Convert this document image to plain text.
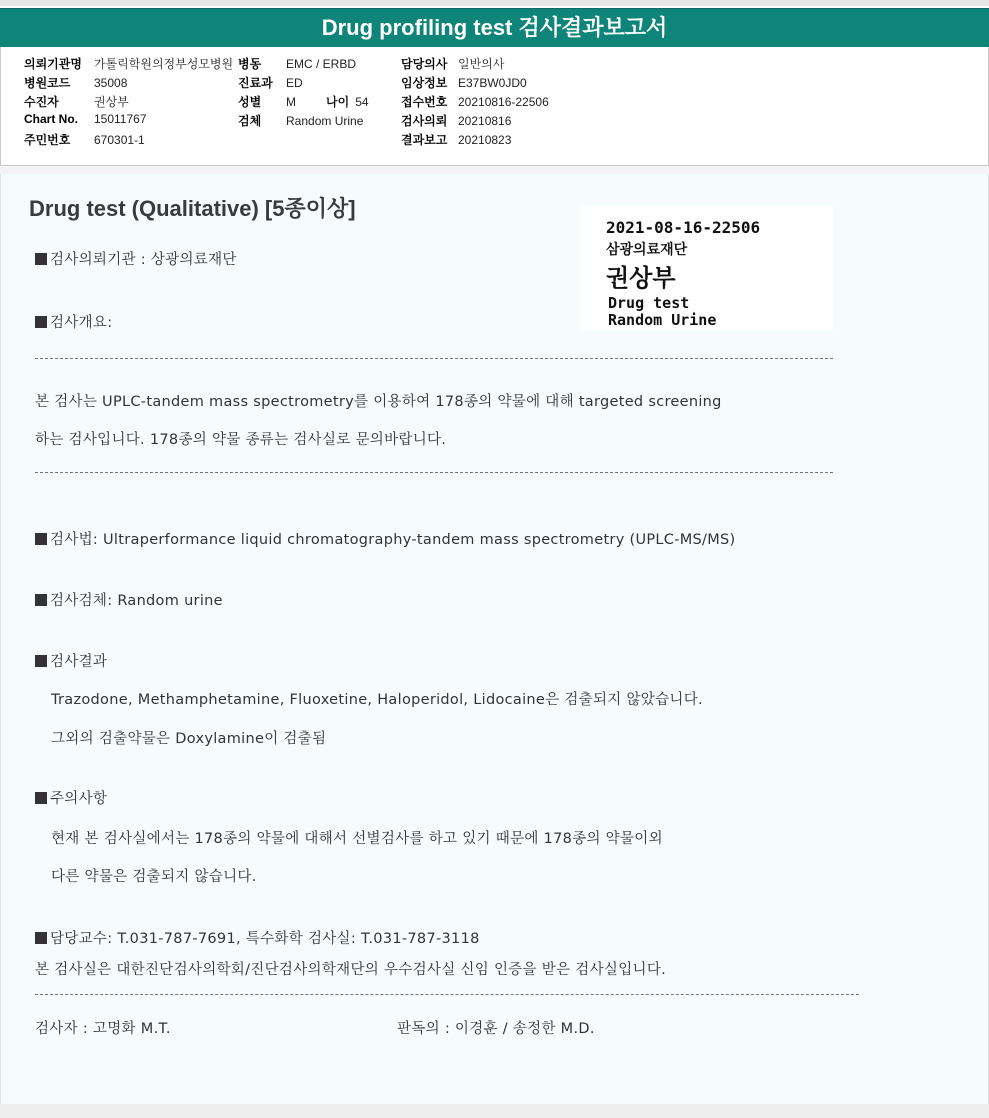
Drug profiling test 검사결과보고서
의뢰기관명 가톨릭학원의정부성모병원
병원코드 35008
수진자	권상부
Chart No. 15011767
주민번호 670301-1
병동 EMC / ERBD
진료과 ED
성별 M	나이 54
검체 Random Urine
담당의사 일반의사
임상정보 E37BW0JD0
접수번호 20210816-22506
검사의뢰 20210816
결과보고 20210823
Drug test (Qualitative) [5종이상]
2021-08-16-22506
삼광의료재단
권상부
Drug test
Random Urine
검사의뢰기관 : 상광의료재단
검사개요:
본 검사는 UPLC-tandem mass spectrometry를 이용하여 178종의 약물에 대해 targeted screening
하는 검사입니다. 178종의 약물 종류는 검사실로 문의바랍니다.
검사법: Ultraperformance liquid chromatography-tandem mass spectrometry (UPLC-MS/MS)
검사검체: Random urine
검사결과
Trazodone, Methamphetamine, Fluoxetine, Haloperidol, Lidocaine은 검출되지 않았습니다.
그외의 검출약물은 Doxylamine이 검출됨
주의사항
현재 본 검사실에서는 178종의 약물에 대해서 선별검사를 하고 있기 때문에 178종의 약물이외
다른 약물은 검출되지 않습니다.
담당교수: T.031-787-7691, 특수화학 검사실: T.031-787-3118
본 검사실은 대한진단검사의학회/진단검사의학재단의 우수검사실 신임 인증을 받은 검사실입니다.
검사자 : 고명화 M.T.	판독의 : 이경훈 / 송정한 M.D.
